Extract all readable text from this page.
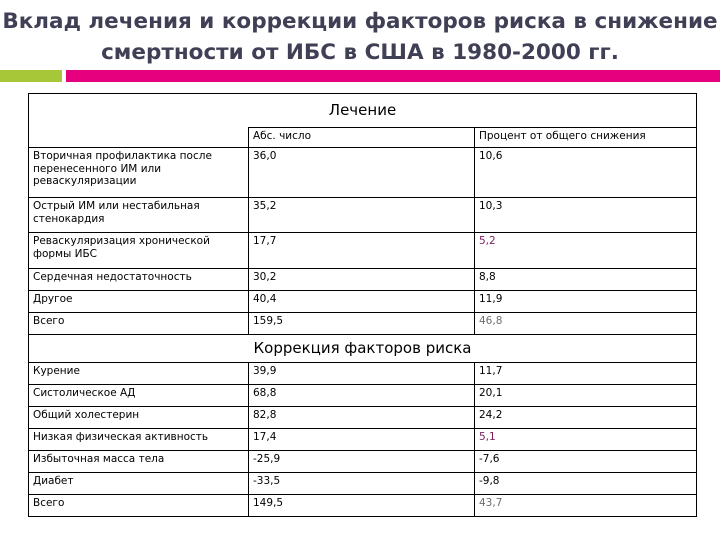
Вклад лечения и коррекции факторов риска в снижение
смертности от ИБС в США в 1980-2000 гг.
Лечение		
	Абс. число	Процент от общего снижения
Вторичная профилактика после перенесенного ИМ или реваскуляризации	36,0	10,6
Острый ИМ или нестабильная стенокардия	35,2	10,3
Реваскуляризация хронической формы ИБС	17,7	5,2
Сердечная недостаточность	30,2	8,8
Другое	40,4	11,9
Всего	159,5	46,8
Коррекция факторов риска		
Курение	39,9	11,7
Систолическое АД	68,8	20,1
Общий холестерин	82,8	24,2
Низкая физическая активность	17,4	5,1
Избыточная масса тела	-25,9	-7,6
Диабет	-33,5	-9,8
Всего	149,5	43,7
